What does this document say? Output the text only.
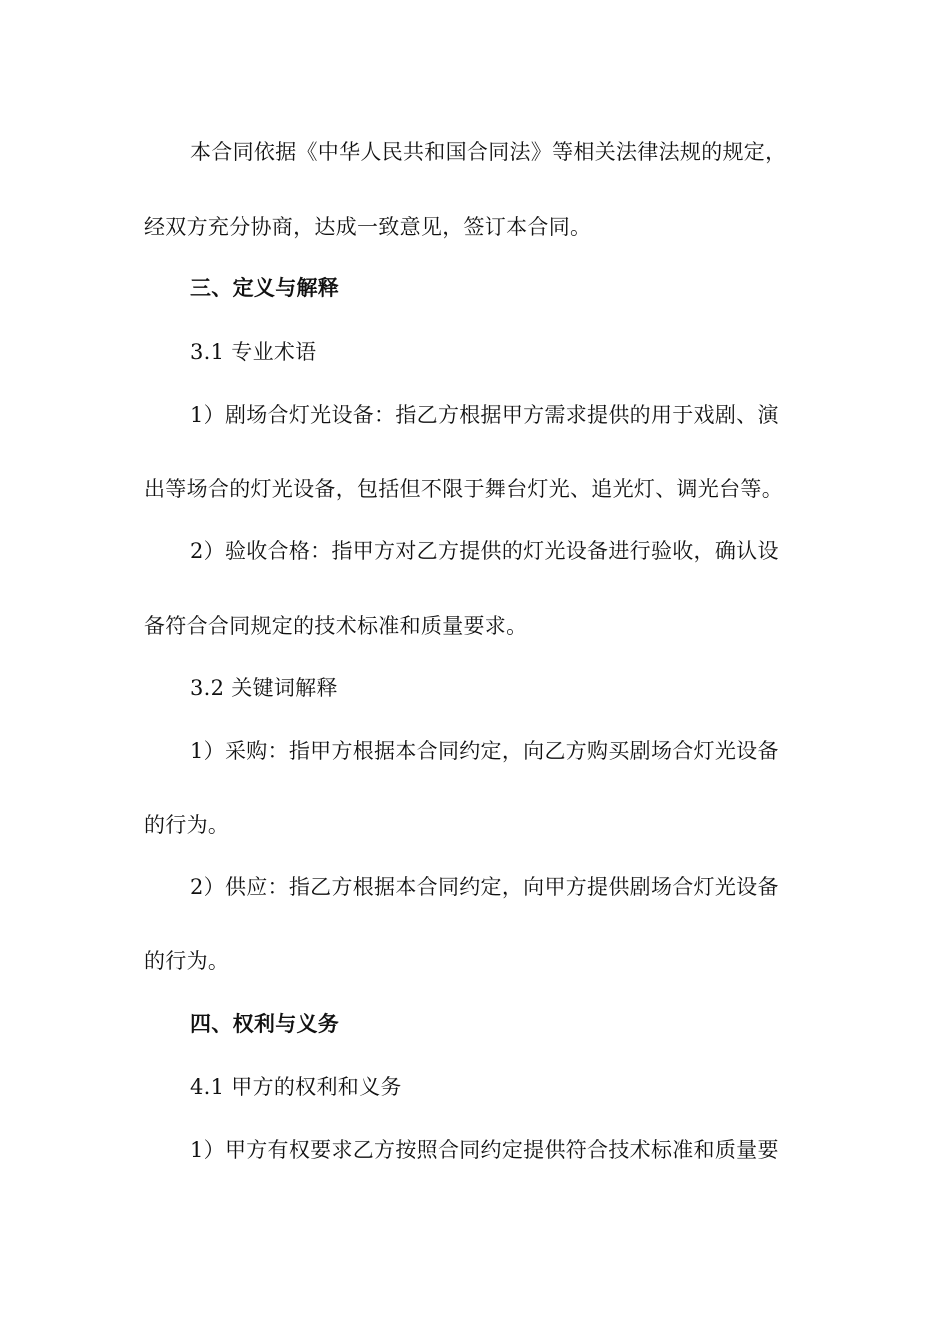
本合同依据《中华人民共和国合同法》等相关法律法规的规定，
经双方充分协商，达成一致意见，签订本合同。
三、定义与解释
3.1 专业术语
1）剧场合灯光设备：指乙方根据甲方需求提供的用于戏剧、演
出等场合的灯光设备，包括但不限于舞台灯光、追光灯、调光台等。
2）验收合格：指甲方对乙方提供的灯光设备进行验收，确认设
备符合合同规定的技术标准和质量要求。
3.2 关键词解释
1）采购：指甲方根据本合同约定，向乙方购买剧场合灯光设备
的行为。
2）供应：指乙方根据本合同约定，向甲方提供剧场合灯光设备
的行为。
四、权利与义务
4.1 甲方的权利和义务
1）甲方有权要求乙方按照合同约定提供符合技术标准和质量要
